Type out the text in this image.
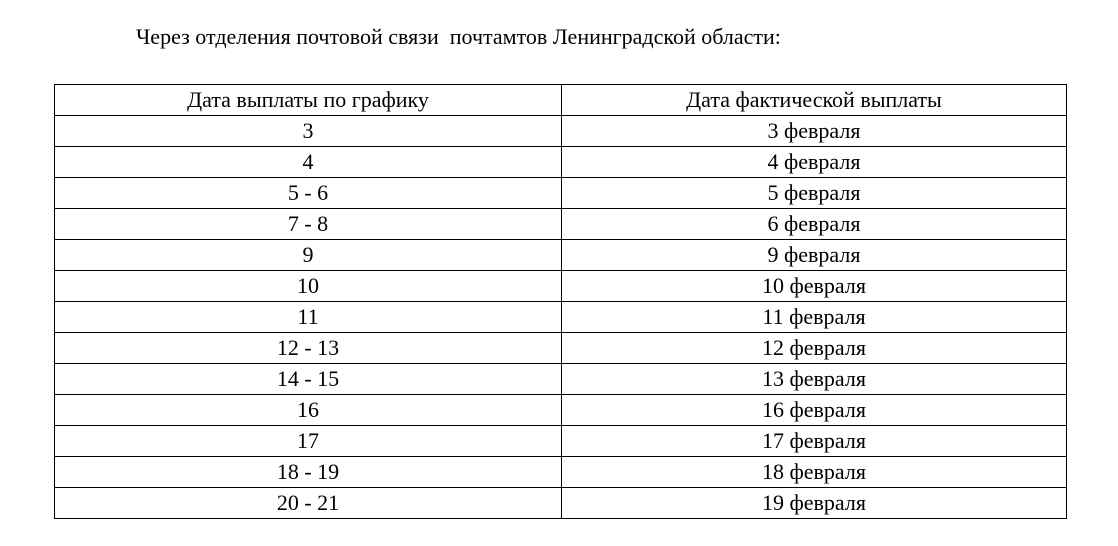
Через отделения почтовой связи  почтамтов Ленинградской области:
Дата выплаты по графику	Дата фактической выплаты
3	3 февраля
4	4 февраля
5 - 6	5 февраля
7 - 8	6 февраля
9	9 февраля
10	10 февраля
11	11 февраля
12 - 13	12 февраля
14 - 15	13 февраля
16	16 февраля
17	17 февраля
18 - 19	18 февраля
20 - 21	19 февраля
